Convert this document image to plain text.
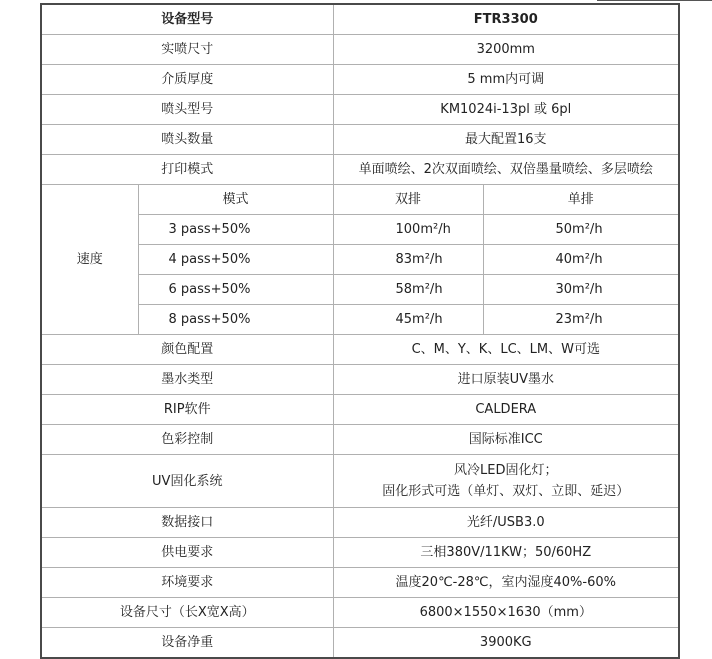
设备型号		FTR3300	
实喷尺寸		3200mm	
介质厚度		5 mm内可调	
喷头型号		KM1024i-13pl 或 6pl	
喷头数量		最大配置16支	
打印模式		单面喷绘、2次双面喷绘、双倍墨量喷绘、多层喷绘	
速度	模式	双排	单排
	3 pass+50%	100m²/h	50m²/h
	4 pass+50%	83m²/h	40m²/h
	6 pass+50%	58m²/h	30m²/h
	8 pass+50%	45m²/h	23m²/h
颜色配置		C、M、Y、K、LC、LM、W可选	
墨水类型		进口原装UV墨水	
RIP软件		CALDERA	
色彩控制		国际标准ICC	
UV固化系统		风冷LED固化灯；
固化形式可选（单灯、双灯、立即、延迟）	

数据接口		光纤/USB3.0	
供电要求		三相380V/11KW；50/60HZ	
环境要求		温度20℃-28℃，室内湿度40%-60%	
设备尺寸（长X宽X高）		6800×1550×1630（mm）	
设备净重		3900KG	
